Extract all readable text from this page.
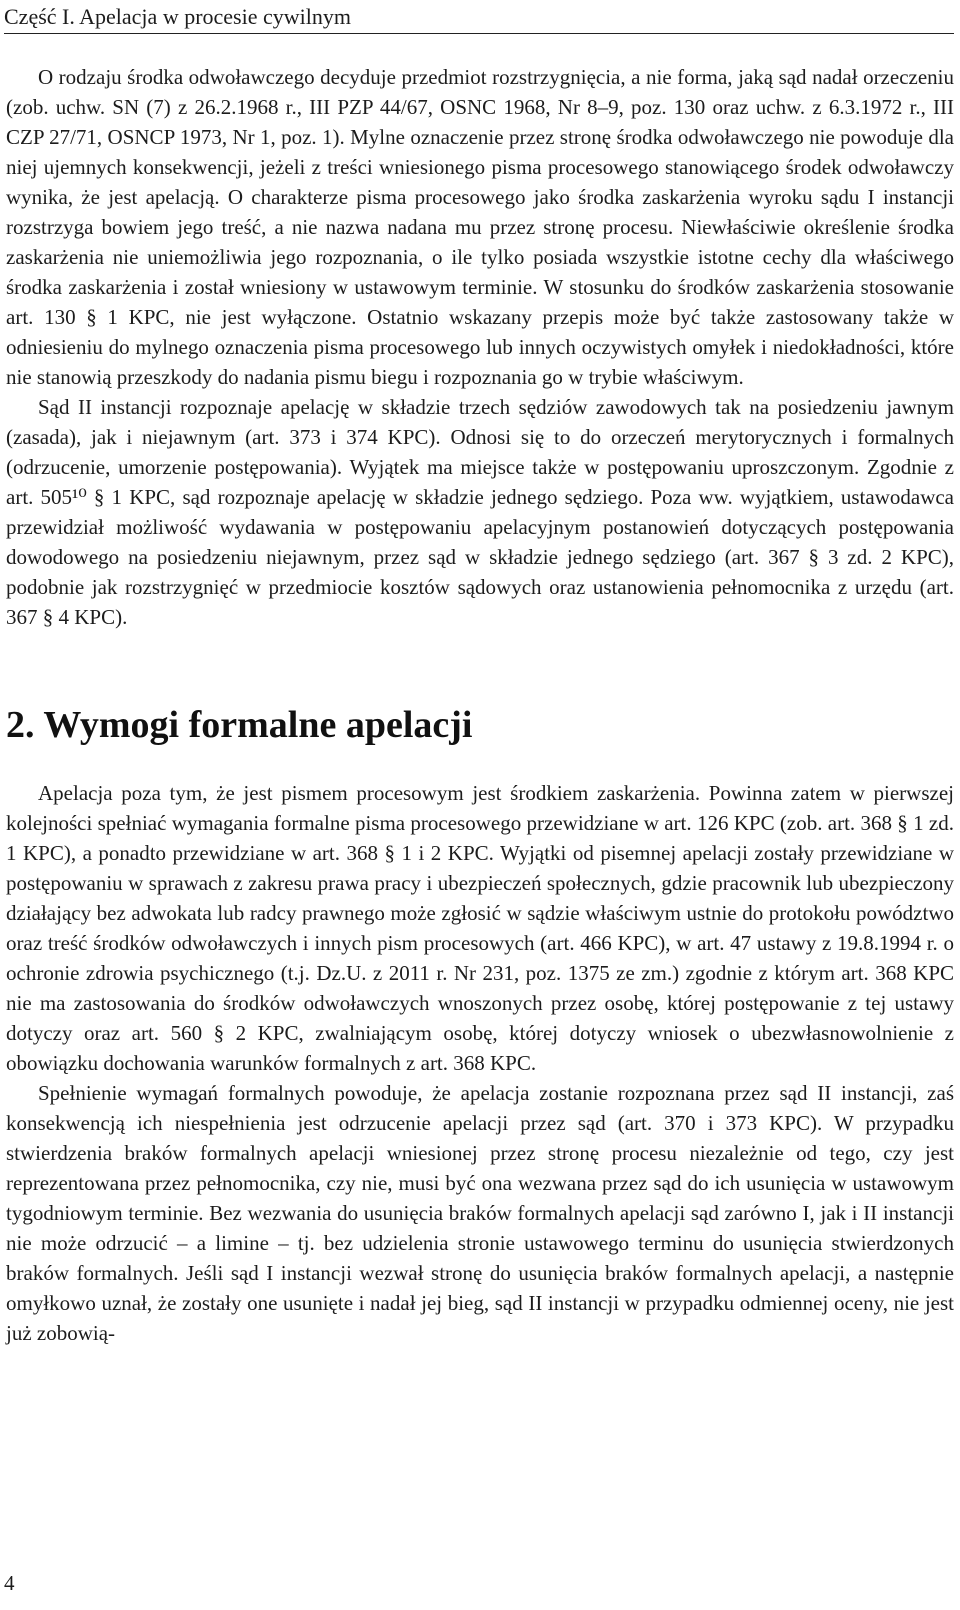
Część I. Apelacja w procesie cywilnym

O rodzaju środka odwoławczego decyduje przedmiot rozstrzygnięcia, a nie forma, jaką sąd nadał orzeczeniu (zob. uchw. SN (7) z 26.2.1968 r., III PZP 44/67, OSNC 1968, Nr 8–9, poz. 130 oraz uchw. z 6.3.1972 r., III CZP 27/71, OSNCP 1973, Nr 1, poz. 1). Mylne oznaczenie przez stronę środka odwoławczego nie powoduje dla niej ujemnych konsekwencji, jeżeli z treści wniesionego pisma procesowego stanowiącego środek odwoławczy wynika, że jest apelacją. O charakterze pisma procesowego jako środka zaskarżenia wyroku sądu I instancji rozstrzyga bowiem jego treść, a nie nazwa nadana mu przez stronę procesu. Niewłaściwie określenie środka zaskarżenia nie uniemożliwia jego rozpoznania, o ile tylko posiada wszystkie istotne cechy dla właściwego środka zaskarżenia i został wniesiony w ustawowym terminie. W stosunku do środków zaskarżenia stosowanie art. 130 § 1 KPC, nie jest wyłączone. Ostatnio wskazany przepis może być także zastosowany także w odniesieniu do mylnego oznaczenia pisma procesowego lub innych oczywistych omyłek i niedokładności, które nie stanowią przeszkody do nadania pismu biegu i rozpoznania go w trybie właściwym.

Sąd II instancji rozpoznaje apelację w składzie trzech sędziów zawodowych tak na posiedzeniu jawnym (zasada), jak i niejawnym (art. 373 i 374 KPC). Odnosi się to do orzeczeń merytorycznych i formalnych (odrzucenie, umorzenie postępowania). Wyjątek ma miejsce także w postępowaniu uproszczonym. Zgodnie z art. 505¹⁰ § 1 KPC, sąd rozpoznaje apelację w składzie jednego sędziego. Poza ww. wyjątkiem, ustawodawca przewidział możliwość wydawania w postępowaniu apelacyjnym postanowień dotyczących postępowania dowodowego na posiedzeniu niejawnym, przez sąd w składzie jednego sędziego (art. 367 § 3 zd. 2 KPC), podobnie jak rozstrzygnięć w przedmiocie kosztów sądowych oraz ustanowienia pełnomocnika z urzędu (art. 367 § 4 KPC).

2. Wymogi formalne apelacji

Apelacja poza tym, że jest pismem procesowym jest środkiem zaskarżenia. Powinna zatem w pierwszej kolejności spełniać wymagania formalne pisma procesowego przewidziane w art. 126 KPC (zob. art. 368 § 1 zd. 1 KPC), a ponadto przewidziane w art. 368 § 1 i 2 KPC. Wyjątki od pisemnej apelacji zostały przewidziane w postępowaniu w sprawach z zakresu prawa pracy i ubezpieczeń społecznych, gdzie pracownik lub ubezpieczony działający bez adwokata lub radcy prawnego może zgłosić w sądzie właściwym ustnie do protokołu powództwo oraz treść środków odwoławczych i innych pism procesowych (art. 466 KPC), w art. 47 ustawy z 19.8.1994 r. o ochronie zdrowia psychicznego (t.j. Dz.U. z 2011 r. Nr 231, poz. 1375 ze zm.) zgodnie z którym art. 368 KPC nie ma zastosowania do środków odwoławczych wnoszonych przez osobę, której postępowanie z tej ustawy dotyczy oraz art. 560 § 2 KPC, zwalniającym osobę, której dotyczy wniosek o ubezwłasnowolnienie z obowiązku dochowania warunków formalnych z art. 368 KPC.

Spełnienie wymagań formalnych powoduje, że apelacja zostanie rozpoznana przez sąd II instancji, zaś konsekwencją ich niespełnienia jest odrzucenie apelacji przez sąd (art. 370 i 373 KPC). W przypadku stwierdzenia braków formalnych apelacji wniesionej przez stronę procesu niezależnie od tego, czy jest reprezentowana przez pełnomocnika, czy nie, musi być ona wezwana przez sąd do ich usunięcia w ustawowym tygodniowym terminie. Bez wezwania do usunięcia braków formalnych apelacji sąd zarówno I, jak i II instancji nie może odrzucić – a limine – tj. bez udzielenia stronie ustawowego terminu do usunięcia stwierdzonych braków formalnych. Jeśli sąd I instancji wezwał stronę do usunięcia braków formalnych apelacji, a następnie omyłkowo uznał, że zostały one usunięte i nadał jej bieg, sąd II instancji w przypadku odmiennej oceny, nie jest już zobowią-

4
